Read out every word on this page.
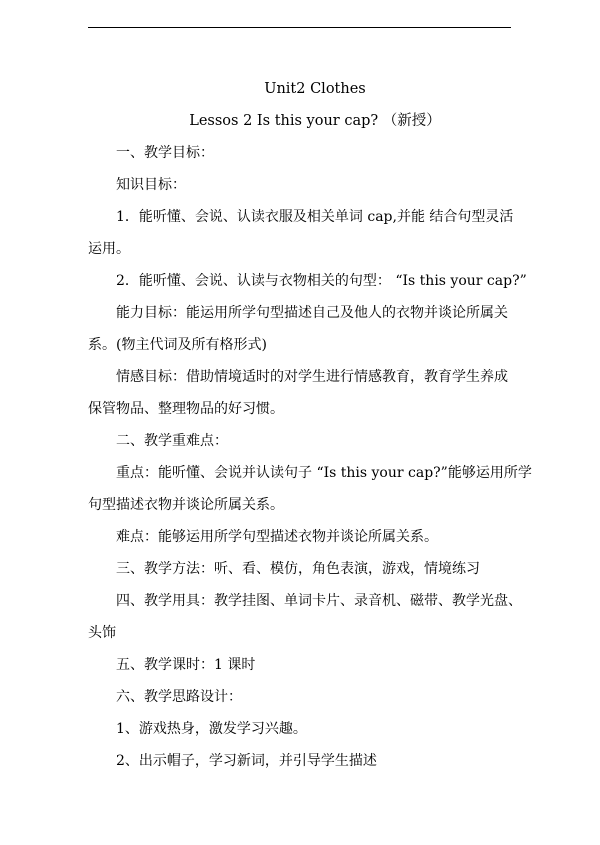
Unit2 Clothes
Lessos 2 Is this your cap? （新授）
一、教学目标：
知识目标：
1．能听懂、会说、认读衣服及相关单词 cap,并能 结合句型灵活
运用。
2．能听懂、会说、认读与衣物相关的句型： “Is this your cap?”
能力目标：能运用所学句型描述自己及他人的衣物并谈论所属关
系。(物主代词及所有格形式)
情感目标：借助情境适时的对学生进行情感教育，教育学生养成
保管物品、整理物品的好习惯。
二、教学重难点：
重点：能听懂、会说并认读句子 “Is this your cap?”能够运用所学
句型描述衣物并谈论所属关系。
难点：能够运用所学句型描述衣物并谈论所属关系。
三、教学方法：听、看、模仿，角色表演，游戏，情境练习
四、教学用具：教学挂图、单词卡片、录音机、磁带、教学光盘、
头饰
五、教学课时：1 课时
六、教学思路设计：
1、游戏热身，激发学习兴趣。
2、出示帽子，学习新词，并引导学生描述
